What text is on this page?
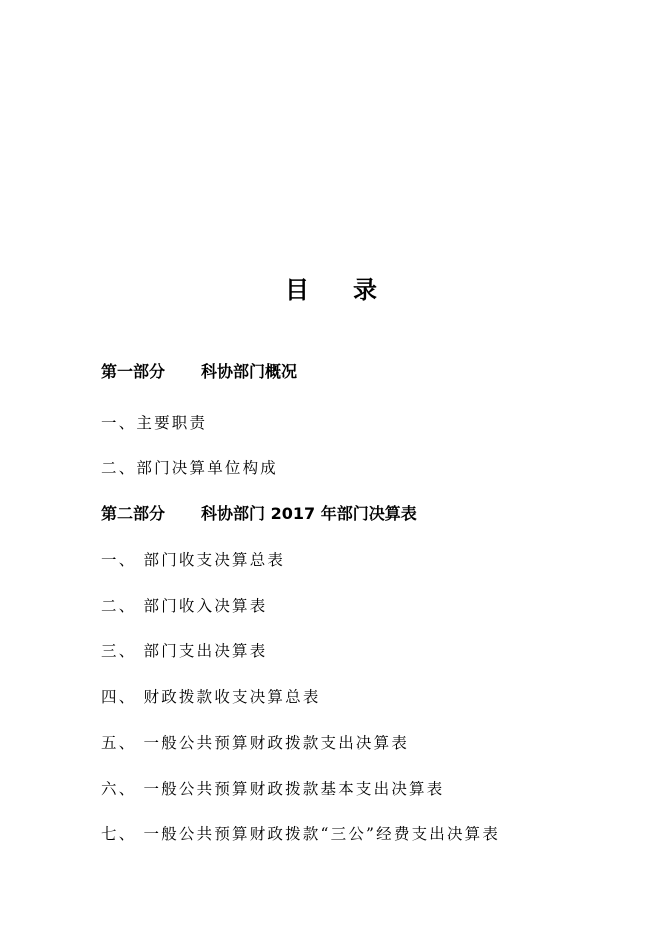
目 录
第一部分 科协部门概况
一、主要职责
二、部门决算单位构成
第二部分 科协部门 2017 年部门决算表
一、 部门收支决算总表
二、 部门收入决算表
三、 部门支出决算表
四、 财政拨款收支决算总表
五、 一般公共预算财政拨款支出决算表
六、 一般公共预算财政拨款基本支出决算表
七、 一般公共预算财政拨款“三公”经费支出决算表
